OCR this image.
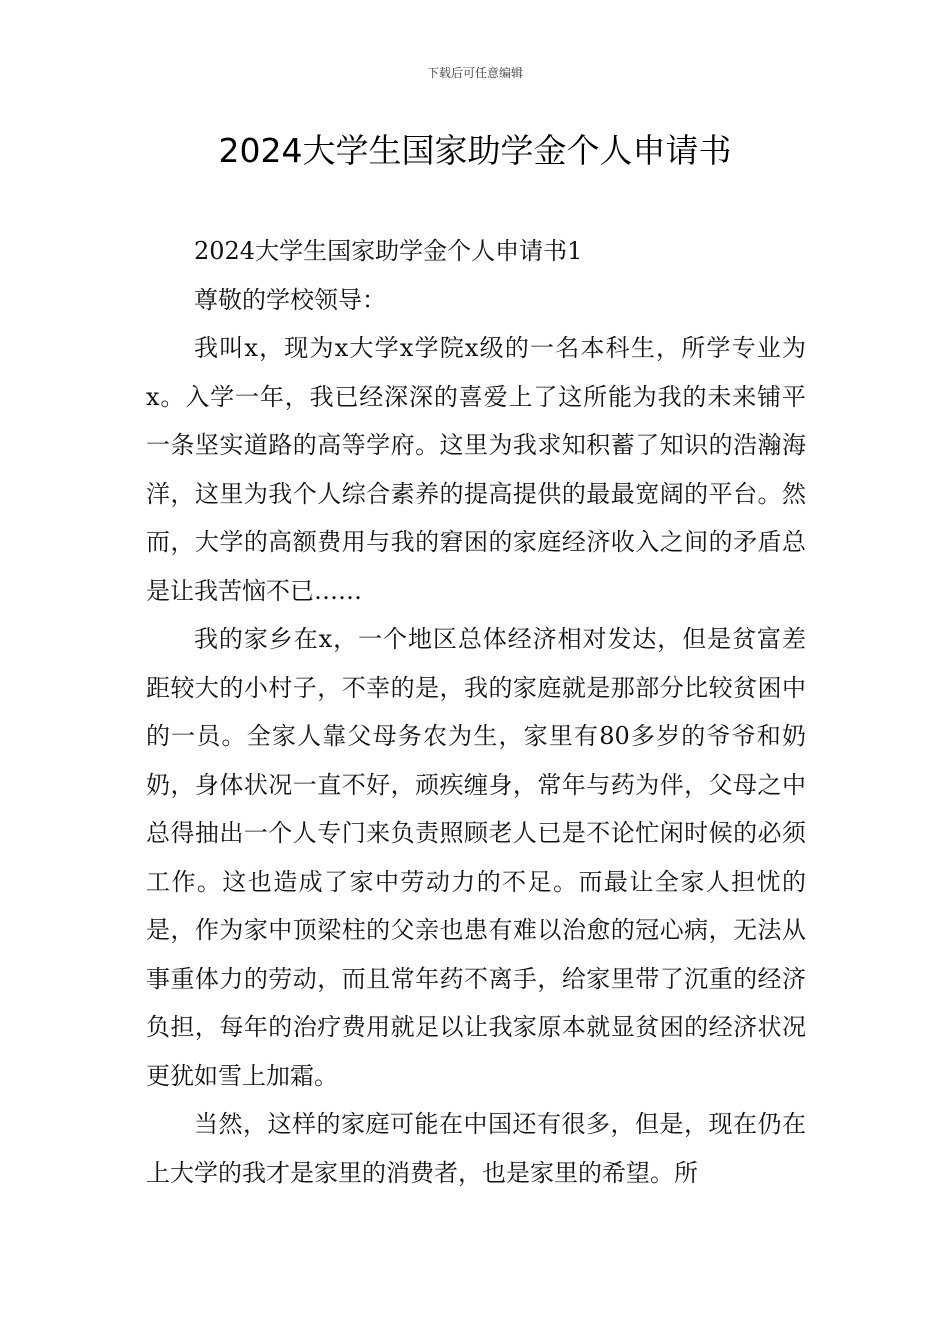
下载后可任意编辑
2024大学生国家助学金个人申请书

2024大学生国家助学金个人申请书1

尊敬的学校领导：

我叫x，现为x大学x学院x级的一名本科生，所学专业为x。入学一年，我已经深深的喜爱上了这所能为我的未来铺平一条坚实道路的高等学府。这里为我求知积蓄了知识的浩瀚海洋，这里为我个人综合素养的提高提供的最最宽阔的平台。然而，大学的高额费用与我的窘困的家庭经济收入之间的矛盾总是让我苦恼不已……

我的家乡在x，一个地区总体经济相对发达，但是贫富差距较大的小村子，不幸的是，我的家庭就是那部分比较贫困中的一员。全家人靠父母务农为生，家里有80多岁的爷爷和奶奶，身体状况一直不好，顽疾缠身，常年与药为伴，父母之中总得抽出一个人专门来负责照顾老人已是不论忙闲时候的必须工作。这也造成了家中劳动力的不足。而最让全家人担忧的是，作为家中顶梁柱的父亲也患有难以治愈的冠心病，无法从事重体力的劳动，而且常年药不离手，给家里带了沉重的经济负担，每年的治疗费用就足以让我家原本就显贫困的经济状况更犹如雪上加霜。

当然，这样的家庭可能在中国还有很多，但是，现在仍在上大学的我才是家里的消费者，也是家里的希望。所
